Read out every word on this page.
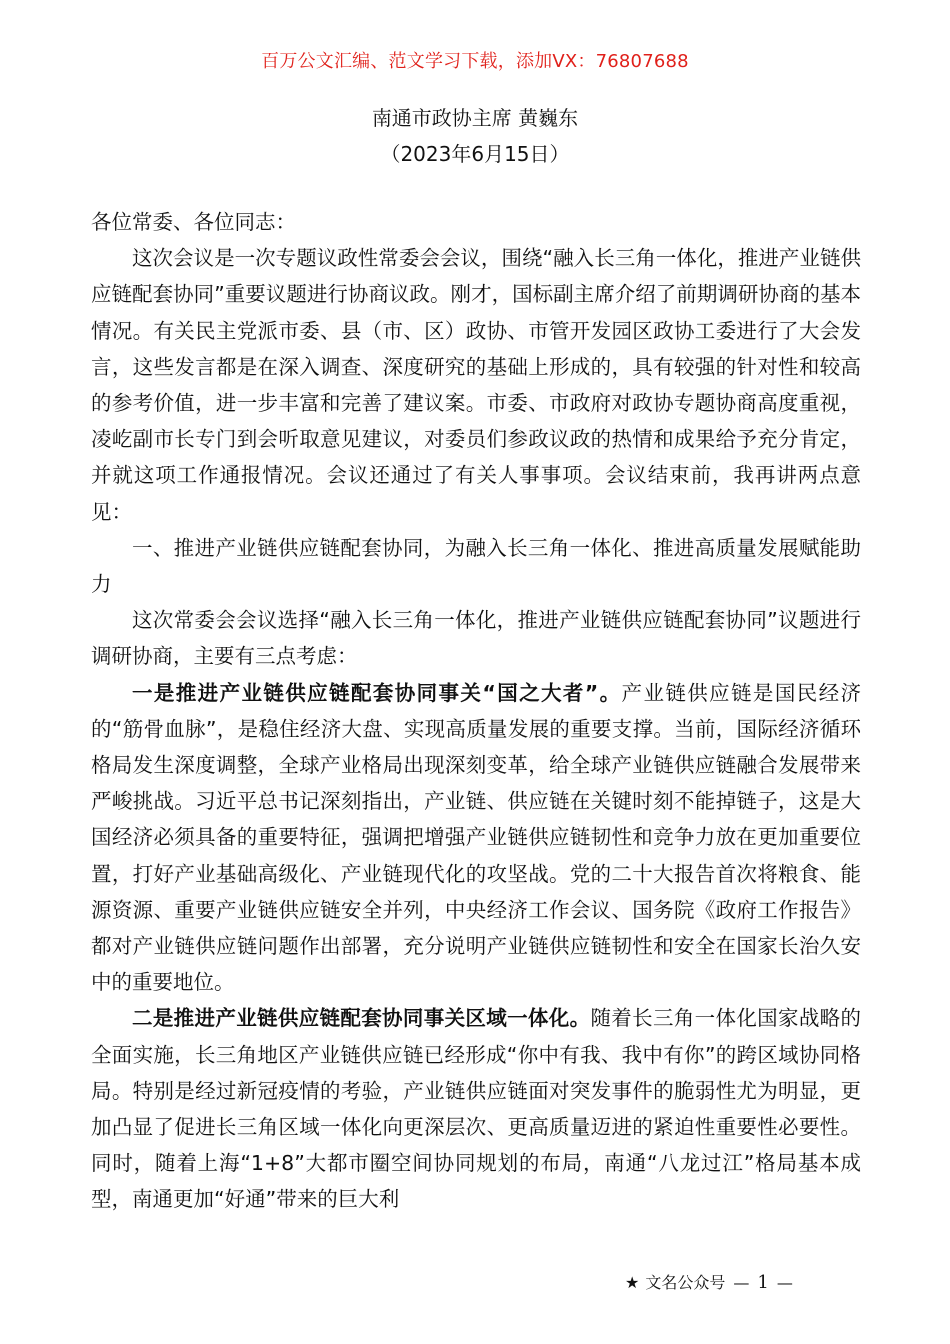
百万公文汇编、范文学习下载，添加VX：76807688
南通市政协主席 黄巍东
（2023年6月15日）

各位常委、各位同志：

这次会议是一次专题议政性常委会会议，围绕“融入长三角一体化，推进产业链供应链配套协同”重要议题进行协商议政。刚才，国标副主席介绍了前期调研协商的基本情况。有关民主党派市委、县（市、区）政协、市管开发园区政协工委进行了大会发言，这些发言都是在深入调查、深度研究的基础上形成的，具有较强的针对性和较高的参考价值，进一步丰富和完善了建议案。市委、市政府对政协专题协商高度重视，凌屹副市长专门到会听取意见建议，对委员们参政议政的热情和成果给予充分肯定，并就这项工作通报情况。会议还通过了有关人事事项。会议结束前，我再讲两点意见：

一、推进产业链供应链配套协同，为融入长三角一体化、推进高质量发展赋能助力

这次常委会会议选择“融入长三角一体化，推进产业链供应链配套协同”议题进行调研协商，主要有三点考虑：

一是推进产业链供应链配套协同事关“国之大者”。产业链供应链是国民经济的“筋骨血脉”，是稳住经济大盘、实现高质量发展的重要支撑。当前，国际经济循环格局发生深度调整，全球产业格局出现深刻变革，给全球产业链供应链融合发展带来严峻挑战。习近平总书记深刻指出，产业链、供应链在关键时刻不能掉链子，这是大国经济必须具备的重要特征，强调把增强产业链供应链韧性和竞争力放在更加重要位置，打好产业基础高级化、产业链现代化的攻坚战。党的二十大报告首次将粮食、能源资源、重要产业链供应链安全并列，中央经济工作会议、国务院《政府工作报告》都对产业链供应链问题作出部署，充分说明产业链供应链韧性和安全在国家长治久安中的重要地位。

二是推进产业链供应链配套协同事关区域一体化。随着长三角一体化国家战略的全面实施，长三角地区产业链供应链已经形成“你中有我、我中有你”的跨区域协同格局。特别是经过新冠疫情的考验，产业链供应链面对突发事件的脆弱性尤为明显，更加凸显了促进长三角区域一体化向更深层次、更高质量迈进的紧迫性重要性必要性。同时，随着上海“1+8”大都市圈空间协同规划的布局，南通“八龙过江”格局基本成型，南通更加“好通”带来的巨大利

★ 文名公众号 — 1 —
